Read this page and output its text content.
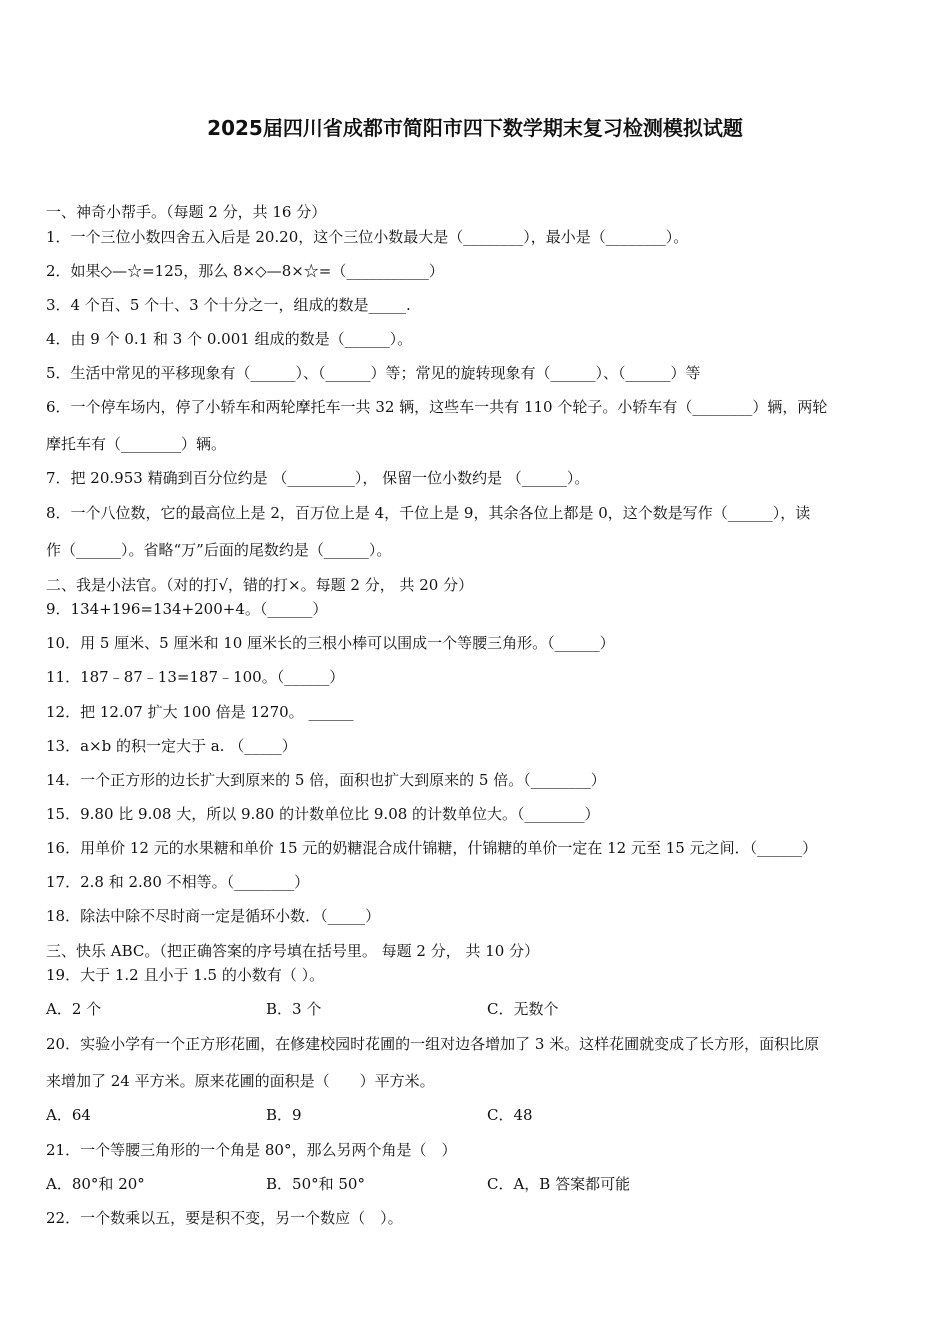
2025届四川省成都市简阳市四下数学期末复习检测模拟试题
一、神奇小帮手。（每题 2 分，共 16 分）
1．一个三位小数四舍五入后是 20.20，这个三位小数最大是（________），最小是（________）。
2．如果◇—☆=125，那么 8×◇—8×☆=（___________）
3．4 个百、5 个十、3 个十分之一，组成的数是_____.
4．由 9 个 0.1 和 3 个 0.001 组成的数是（______）。
5．生活中常见的平移现象有（______）、（______）等；常见的旋转现象有（______）、（______）等
6．一个停车场内，停了小轿车和两轮摩托车一共 32 辆，这些车一共有 110 个轮子。小轿车有（________）辆，两轮
摩托车有（________）辆。
7．把 20.953 精确到百分位约是 （_________）， 保留一位小数约是 （______）。
8．一个八位数，它的最高位上是 2，百万位上是 4，千位上是 9，其余各位上都是 0，这个数是写作（______），读
作（______）。省略“万”后面的尾数约是（______）。
二、我是小法官。（对的打√，错的打×。每题 2 分， 共 20 分）
9．134+196=134+200+4。（______）
10．用 5 厘米、5 厘米和 10 厘米长的三根小棒可以围成一个等腰三角形。（______）
11．187﹣87﹣13=187﹣100。（______）
12．把 12.07 扩大 100 倍是 1270。 ______
13．a×b 的积一定大于 a. （_____）
14．一个正方形的边长扩大到原来的 5 倍，面积也扩大到原来的 5 倍。（________）
15．9.80 比 9.08 大，所以 9.80 的计数单位比 9.08 的计数单位大。（________）
16．用单价 12 元的水果糖和单价 15 元的奶糖混合成什锦糖，什锦糖的单价一定在 12 元至 15 元之间．（______）
17．2.8 和 2.80 不相等。（________）
18．除法中除不尽时商一定是循环小数．（_____）
三、快乐 ABC。（把正确答案的序号填在括号里。 每题 2 分， 共 10 分）
19．大于 1.2 且小于 1.5 的小数有（ ）。
A．2 个	B．3 个	C．无数个
20．实验小学有一个正方形花圃，在修建校园时花圃的一组对边各增加了 3 米。这样花圃就变成了长方形，面积比原
来增加了 24 平方米。原来花圃的面积是（　　）平方米。
A．64	B．9	C．48
21．一个等腰三角形的一个角是 80°，那么另两个角是（　）
A．80°和 20°	B．50°和 50°	C．A，B 答案都可能
22．一个数乘以五，要是积不变，另一个数应（　）。
